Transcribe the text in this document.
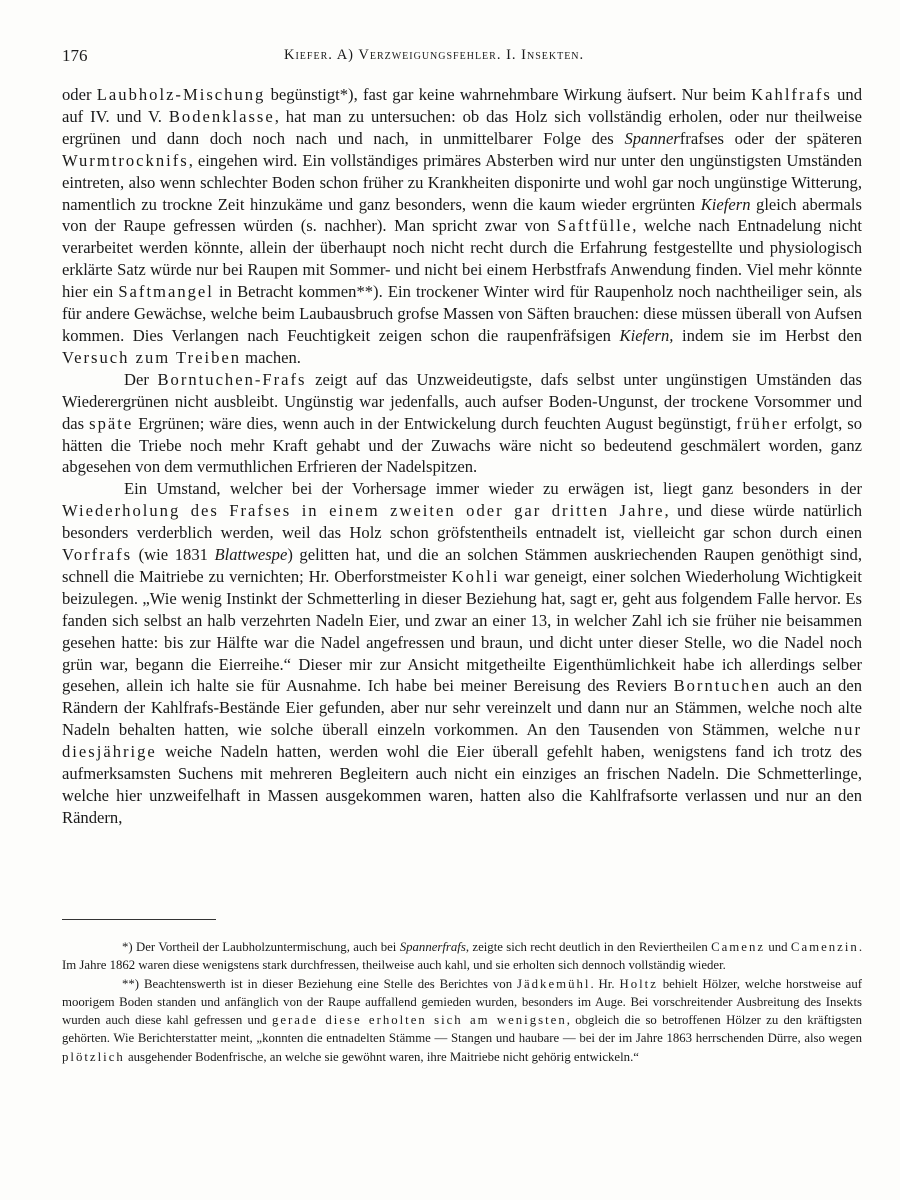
176	Kiefer. A) Verzweigungsfehler. I. Insekten.

oder Laubholz-Mischung begünstigt*), fast gar keine wahrnehmbare Wirkung äufsert. Nur beim Kahlfrafs und auf IV. und V. Bodenklasse, hat man zu untersuchen: ob das Holz sich vollständig erholen, oder nur theilweise ergrünen und dann doch noch nach und nach, in unmittelbarer Folge des Spannerfrafses oder der späteren Wurmtrocknifs, eingehen wird. Ein vollständiges primäres Absterben wird nur unter den ungünstigsten Umständen eintreten, also wenn schlechter Boden schon früher zu Krankheiten disponirte und wohl gar noch ungünstige Witterung, namentlich zu trockne Zeit hinzukäme und ganz besonders, wenn die kaum wieder ergrünten Kiefern gleich abermals von der Raupe gefressen würden (s. nachher). Man spricht zwar von Saftfülle, welche nach Entnadelung nicht verarbeitet werden könnte, allein der überhaupt noch nicht recht durch die Erfahrung festgestellte und physiologisch erklärte Satz würde nur bei Raupen mit Sommer- und nicht bei einem Herbstfrafs Anwendung finden. Viel mehr könnte hier ein Saftmangel in Betracht kommen**). Ein trockener Winter wird für Raupenholz noch nachtheiliger sein, als für andere Gewächse, welche beim Laubausbruch grofse Massen von Säften brauchen: diese müssen überall von Aufsen kommen. Dies Verlangen nach Feuchtigkeit zeigen schon die raupenfräfsigen Kiefern, indem sie im Herbst den Versuch zum Treiben machen.

Der Borntuchen-Frafs zeigt auf das Unzweideutigste, dafs selbst unter ungünstigen Umständen das Wiederergrünen nicht ausbleibt. Ungünstig war jedenfalls, auch aufser Boden-Ungunst, der trockene Vorsommer und das späte Ergrünen; wäre dies, wenn auch in der Entwickelung durch feuchten August begünstigt, früher erfolgt, so hätten die Triebe noch mehr Kraft gehabt und der Zuwachs wäre nicht so bedeutend geschmälert worden, ganz abgesehen von dem vermuthlichen Erfrieren der Nadelspitzen.

Ein Umstand, welcher bei der Vorhersage immer wieder zu erwägen ist, liegt ganz besonders in der Wiederholung des Frafses in einem zweiten oder gar dritten Jahre, und diese würde natürlich besonders verderblich werden, weil das Holz schon gröfstentheils entnadelt ist, vielleicht gar schon durch einen Vorfrafs (wie 1831 Blattwespe) gelitten hat, und die an solchen Stämmen auskriechenden Raupen genöthigt sind, schnell die Maitriebe zu vernichten; Hr. Oberforstmeister Kohli war geneigt, einer solchen Wiederholung Wichtigkeit beizulegen. „Wie wenig Instinkt der Schmetterling in dieser Beziehung hat, sagt er, geht aus folgendem Falle hervor. Es fanden sich selbst an halb verzehrten Nadeln Eier, und zwar an einer 13, in welcher Zahl ich sie früher nie beisammen gesehen hatte: bis zur Hälfte war die Nadel angefressen und braun, und dicht unter dieser Stelle, wo die Nadel noch grün war, begann die Eierreihe.“ Dieser mir zur Ansicht mitgetheilte Eigenthümlichkeit habe ich allerdings selber gesehen, allein ich halte sie für Ausnahme. Ich habe bei meiner Bereisung des Reviers Borntuchen auch an den Rändern der Kahlfrafs-Bestände Eier gefunden, aber nur sehr vereinzelt und dann nur an Stämmen, welche noch alte Nadeln behalten hatten, wie solche überall einzeln vorkommen. An den Tausenden von Stämmen, welche nur diesjährige weiche Nadeln hatten, werden wohl die Eier überall gefehlt haben, wenigstens fand ich trotz des aufmerksamsten Suchens mit mehreren Begleitern auch nicht ein einziges an frischen Nadeln. Die Schmetterlinge, welche hier unzweifelhaft in Massen ausgekommen waren, hatten also die Kahlfrafsorte verlassen und nur an den Rändern,

*) Der Vortheil der Laubholzuntermischung, auch bei Spannerfrafs, zeigte sich recht deutlich in den Reviertheilen Camenz und Camenzin. Im Jahre 1862 waren diese wenigstens stark durchfressen, theilweise auch kahl, und sie erholten sich dennoch vollständig wieder.

**) Beachtenswerth ist in dieser Beziehung eine Stelle des Berichtes von Jädkemühl. Hr. Holtz behielt Hölzer, welche horstweise auf moorigem Boden standen und anfänglich von der Raupe auffallend gemieden wurden, besonders im Auge. Bei vorschreitender Ausbreitung des Insekts wurden auch diese kahl gefressen und gerade diese erholten sich am wenigsten, obgleich die so betroffenen Hölzer zu den kräftigsten gehörten. Wie Berichterstatter meint, „konnten die entnadelten Stämme — Stangen und haubare — bei der im Jahre 1863 herrschenden Dürre, also wegen plötzlich ausgehender Bodenfrische, an welche sie gewöhnt waren, ihre Maitriebe nicht gehörig entwickeln.“
